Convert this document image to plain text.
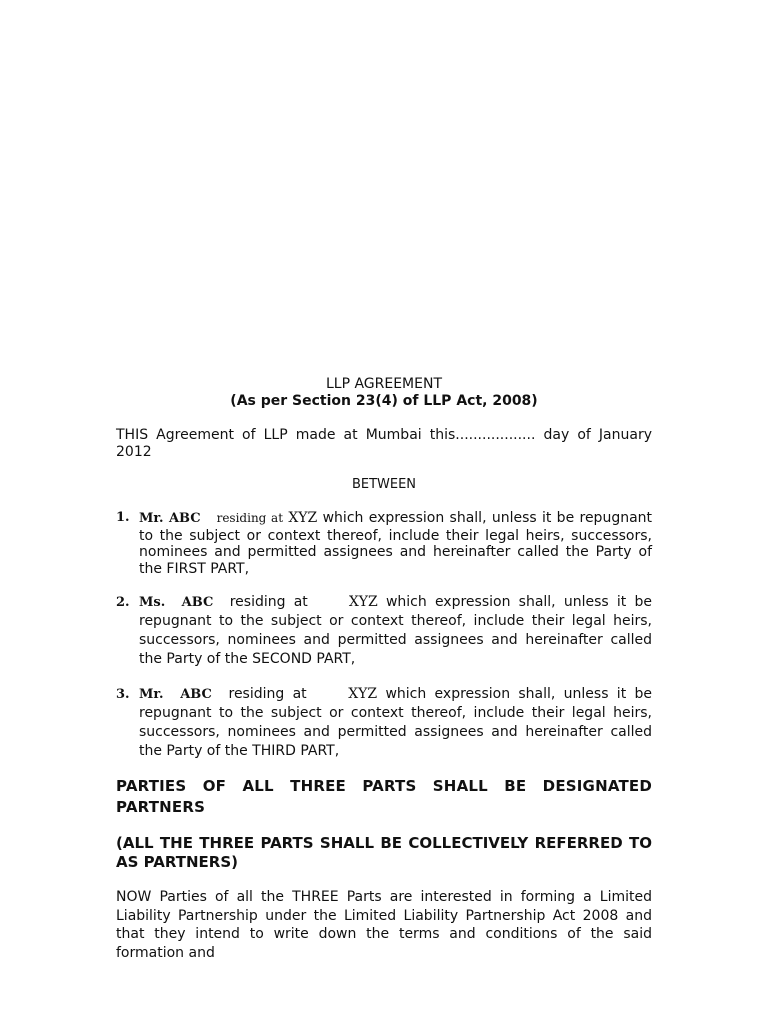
LLP AGREEMENT
(As per Section 23(4) of LLP Act, 2008)
THIS Agreement of LLP made at Mumbai this.................. day of January 2012
BETWEEN
1. Mr. ABC residing at XYZ which expression shall, unless it be repugnant to the subject or context thereof, include their legal heirs, successors, nominees and permitted assignees and hereinafter called the Party of the FIRST PART,
2. Ms. ABC residing at	XYZ which expression shall, unless it be repugnant to the subject or context thereof, include their legal heirs, successors, nominees and permitted assignees and hereinafter called the Party of the SECOND PART,
3. Mr. ABC residing at	XYZ which expression shall, unless it be repugnant to the subject or context thereof, include their legal heirs, successors, nominees and permitted assignees and hereinafter called the Party of the THIRD PART,
PARTIES OF ALL THREE PARTS SHALL BE DESIGNATED PARTNERS
(ALL THE THREE PARTS SHALL BE COLLECTIVELY REFERRED TO AS PARTNERS)
NOW Parties of all the THREE Parts are interested in forming a Limited Liability Partnership under the Limited Liability Partnership Act 2008 and that they intend to write down the terms and conditions of the said formation and
